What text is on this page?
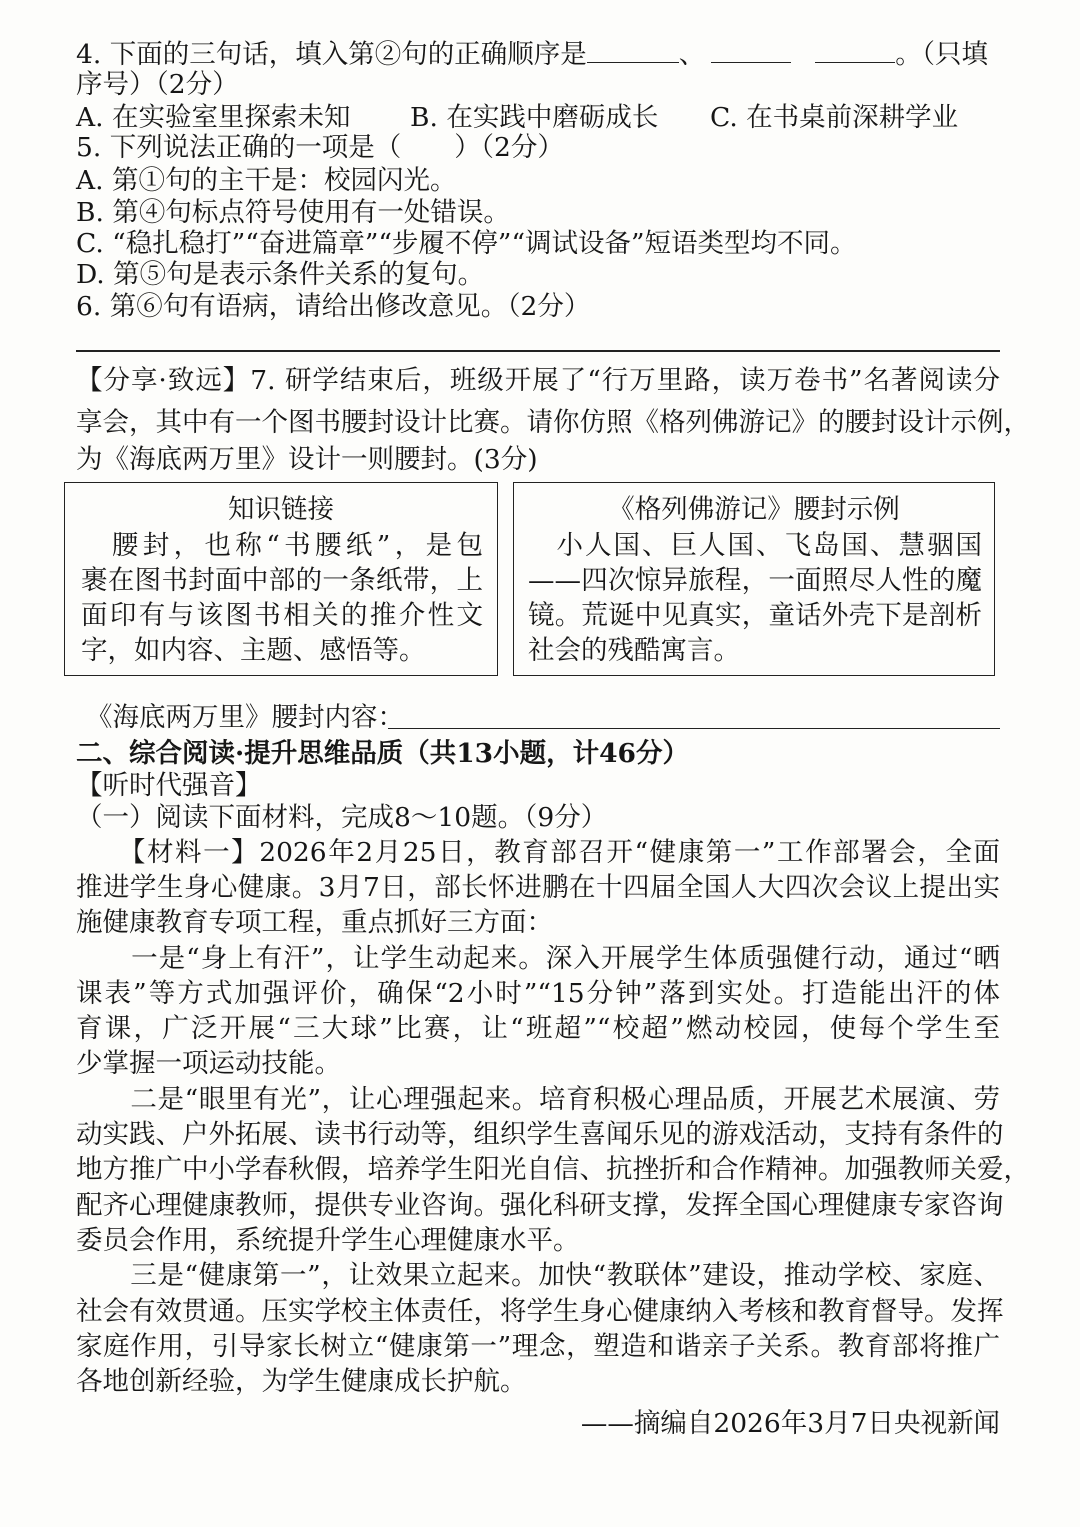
4. 下面的三句话，填入第②句的正确顺序是	、	。（只填
序号）（2分）
A. 在实验室里探索未知 B. 在实践中磨砺成长 C. 在书桌前深耕学业
5. 下列说法正确的一项是（　　）（2分）
A. 第①句的主干是：校园闪光。
B. 第④句标点符号使用有一处错误。
C. “稳扎稳打”“奋进篇章”“步履不停”“调试设备”短语类型均不同。
D. 第⑤句是表示条件关系的复句。
6. 第⑥句有语病，请给出修改意见。（2分）
【分享·致远】7. 研学结束后，班级开展了“行万里路，读万卷书”名著阅读分
享会，其中有一个图书腰封设计比赛。请你仿照《格列佛游记》的腰封设计示例，
为《海底两万里》设计一则腰封。(3分)
知识链接
　腰封，也称“书腰纸”，是包
裹在图书封面中部的一条纸带，上
面印有与该图书相关的推介性文
字，如内容、主题、感悟等。
《格列佛游记》腰封示例
　小人国、巨人国、飞岛国、慧骃国
——四次惊异旅程，一面照尽人性的魔
镜。荒诞中见真实，童话外壳下是剖析
社会的残酷寓言。
《海底两万里》腰封内容：
二、综合阅读·提升思维品质（共13小题，计46分）
【听时代强音】
（一）阅读下面材料，完成8～10题。（9分）
　　【材料一】2026年2月25日，教育部召开“健康第一”工作部署会，全面
推进学生身心健康。3月7日，部长怀进鹏在十四届全国人大四次会议上提出实
施健康教育专项工程，重点抓好三方面：
　　一是“身上有汗”，让学生动起来。深入开展学生体质强健行动，通过“晒
课表”等方式加强评价，确保“2小时”“15分钟”落到实处。打造能出汗的体
育课，广泛开展“三大球”比赛，让“班超”“校超”燃动校园，使每个学生至
少掌握一项运动技能。
　　二是“眼里有光”，让心理强起来。培育积极心理品质，开展艺术展演、劳
动实践、户外拓展、读书行动等，组织学生喜闻乐见的游戏活动，支持有条件的
地方推广中小学春秋假，培养学生阳光自信、抗挫折和合作精神。加强教师关爱，
配齐心理健康教师，提供专业咨询。强化科研支撑，发挥全国心理健康专家咨询
委员会作用，系统提升学生心理健康水平。
　　三是“健康第一”，让效果立起来。加快“教联体”建设，推动学校、家庭、
社会有效贯通。压实学校主体责任，将学生身心健康纳入考核和教育督导。发挥
家庭作用，引导家长树立“健康第一”理念，塑造和谐亲子关系。教育部将推广
各地创新经验，为学生健康成长护航。
——摘编自2026年3月7日央视新闻
